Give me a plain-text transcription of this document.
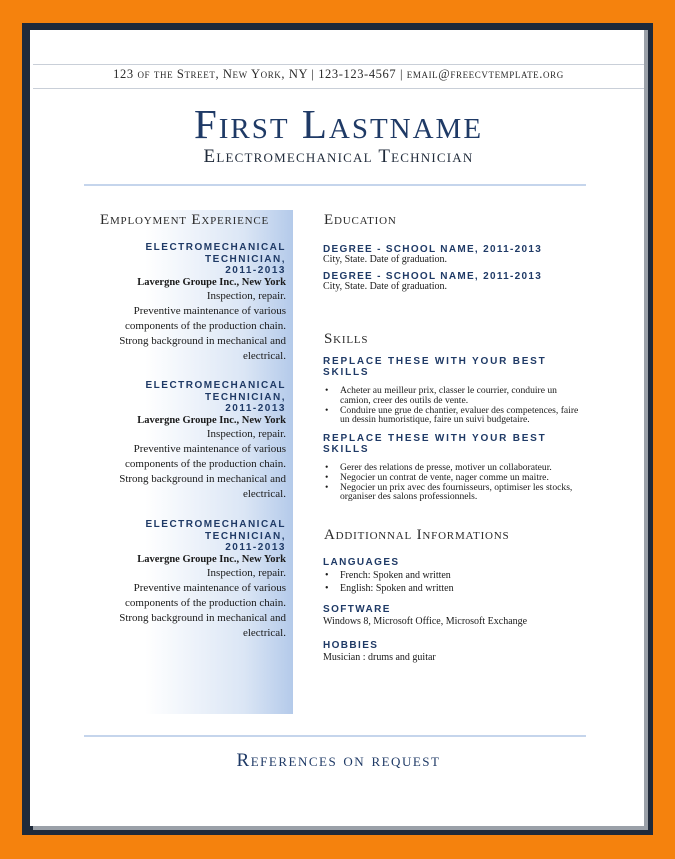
123 of the Street, New York, NY | 123-123-4567 | email@freecvtemplate.org
First Lastname
Electromechanical Technician
Employment Experience
ELECTROMECHANICAL
TECHNICIAN,
2011-2013
Lavergne Groupe Inc., New York
Inspection, repair.
Preventive maintenance of various
components of the production chain.
Strong background in mechanical and
electrical.
ELECTROMECHANICAL
TECHNICIAN,
2011-2013
Lavergne Groupe Inc., New York
Inspection, repair.
Preventive maintenance of various
components of the production chain.
Strong background in mechanical and
electrical.
ELECTROMECHANICAL
TECHNICIAN,
2011-2013
Lavergne Groupe Inc., New York
Inspection, repair.
Preventive maintenance of various
components of the production chain.
Strong background in mechanical and
electrical.
Education
DEGREE - SCHOOL NAME, 2011-2013
City, State. Date of graduation.
DEGREE - SCHOOL NAME, 2011-2013
City, State. Date of graduation.
Skills
REPLACE THESE WITH YOUR BEST SKILLS
• Acheter au meilleur prix, classer le courrier, conduire un camion, creer des outils de vente.
• Conduire une grue de chantier, evaluer des competences, faire un dessin humoristique, faire un suivi budgetaire.
REPLACE THESE WITH YOUR BEST SKILLS
• Gerer des relations de presse, motiver un collaborateur.
• Negocier un contrat de vente, nager comme un maitre.
• Negocier un prix avec des fournisseurs, optimiser les stocks, organiser des salons professionnels.
Additionnal Informations
LANGUAGES
• French: Spoken and written
• English: Spoken and written
SOFTWARE
Windows 8, Microsoft Office, Microsoft Exchange
HOBBIES
Musician : drums and guitar
References on request
